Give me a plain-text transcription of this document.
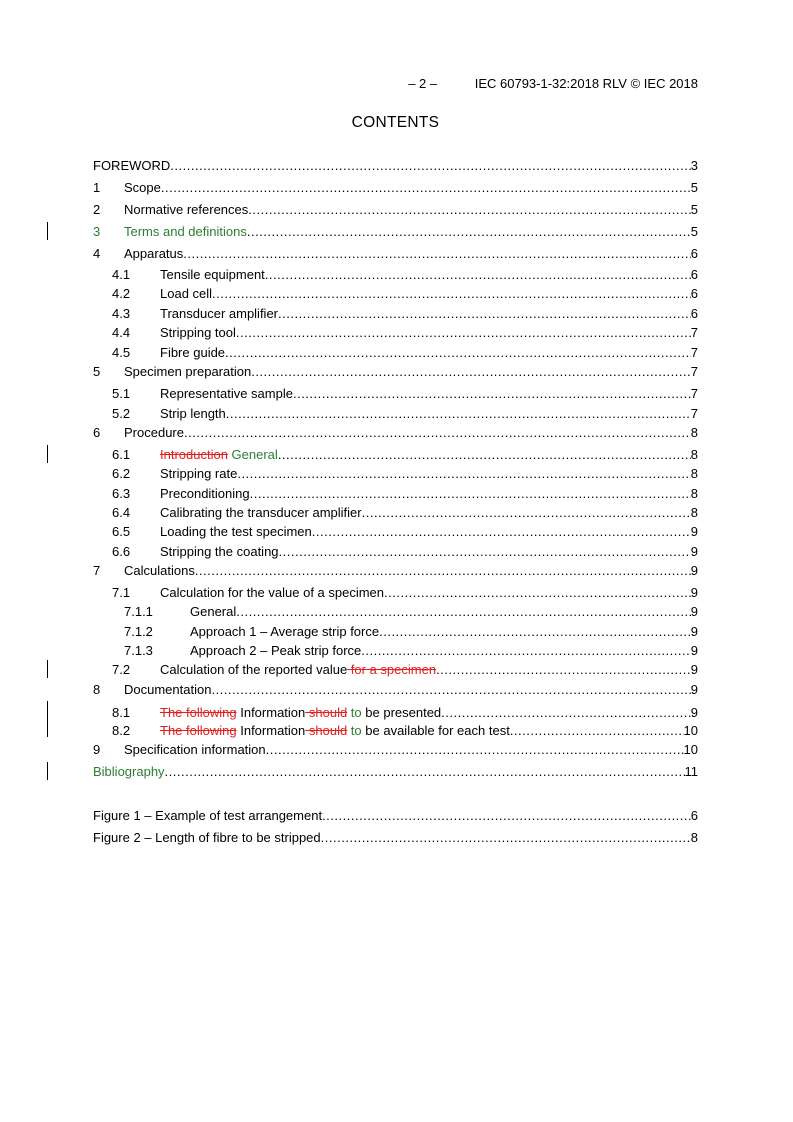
– 2 –	IEC 60793-1-32:2018 RLV © IEC 2018
CONTENTS
FOREWORD .....	3
1 Scope .....	5
2 Normative references .....	5
3 Terms and definitions .....	5
4 Apparatus .....	6
4.1 Tensile equipment .....	6
4.2 Load cell .....	6
4.3 Transducer amplifier .....	6
4.4 Stripping tool .....	7
4.5 Fibre guide .....	7
5 Specimen preparation .....	7
5.1 Representative sample .....	7
5.2 Strip length .....	7
6 Procedure .....	8
6.1 Introduction General .....	8
6.2 Stripping rate .....	8
6.3 Preconditioning .....	8
6.4 Calibrating the transducer amplifier .....	8
6.5 Loading the test specimen .....	9
6.6 Stripping the coating .....	9
7 Calculations .....	9
7.1 Calculation for the value of a specimen .....	9
7.1.1	General .....	9
7.1.2	Approach 1 – Average strip force .....	9
7.1.3	Approach 2 – Peak strip force .....	9
7.2 Calculation of the reported value for a specimen .....	9
8 Documentation .....	9
8.1 The following Information should to be presented .....	9
8.2 The following Information should to be available for each test .....	10
9 Specification information .....	10
Bibliography .....	11
Figure 1 – Example of test arrangement .....	6
Figure 2 – Length of fibre to be stripped .....	8
